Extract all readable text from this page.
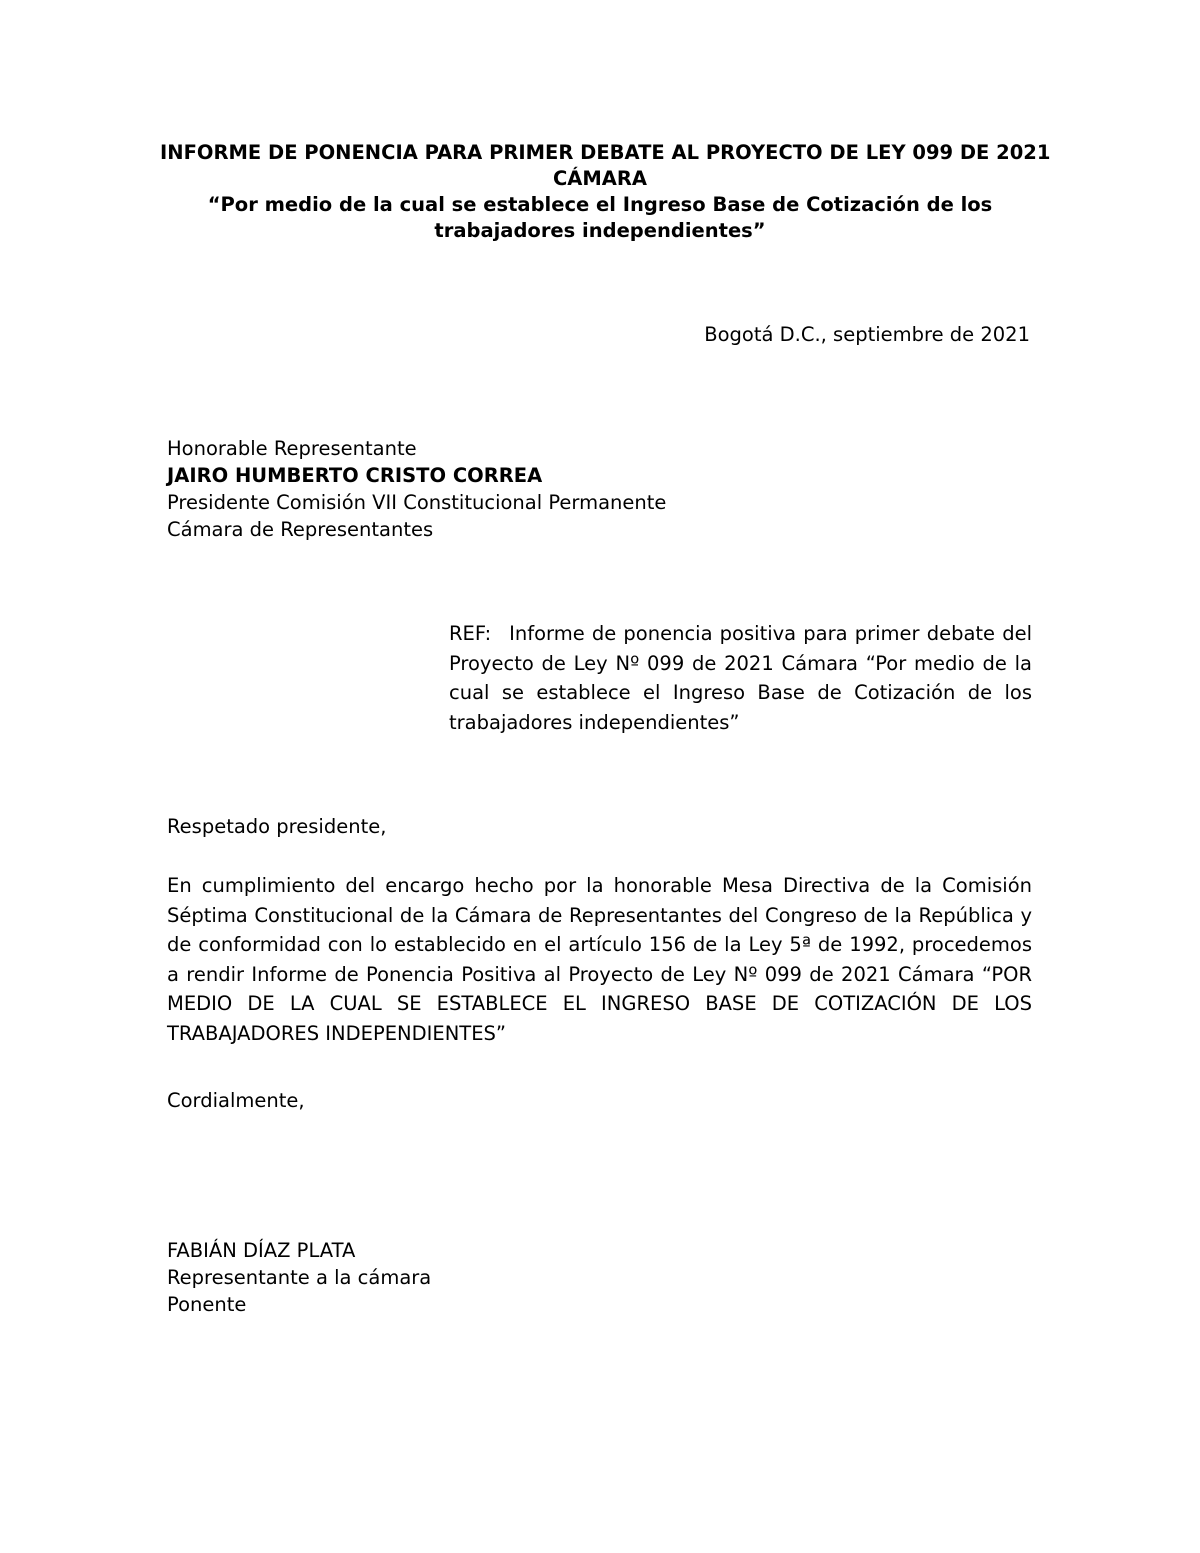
INFORME DE PONENCIA PARA PRIMER DEBATE AL PROYECTO DE LEY 099 DE 2021
CÁMARA
“Por medio de la cual se establece el Ingreso Base de Cotización de los
trabajadores independientes”
Bogotá D.C., septiembre de 2021
Honorable Representante
JAIRO HUMBERTO CRISTO CORREA
Presidente Comisión VII Constitucional Permanente
Cámara de Representantes
REF: Informe de ponencia positiva para primer debate del Proyecto de Ley Nº 099 de 2021 Cámara “Por medio de la cual se establece el Ingreso Base de Cotización de los trabajadores independientes”
Respetado presidente,
En cumplimiento del encargo hecho por la honorable Mesa Directiva de la Comisión Séptima Constitucional de la Cámara de Representantes del Congreso de la República y de conformidad con lo establecido en el artículo 156 de la Ley 5ª de 1992, procedemos a rendir Informe de Ponencia Positiva al Proyecto de Ley Nº 099 de 2021 Cámara “POR MEDIO DE LA CUAL SE ESTABLECE EL INGRESO BASE DE COTIZACIÓN DE LOS TRABAJADORES INDEPENDIENTES”
Cordialmente,
FABIÁN DÍAZ PLATA
Representante a la cámara
Ponente
